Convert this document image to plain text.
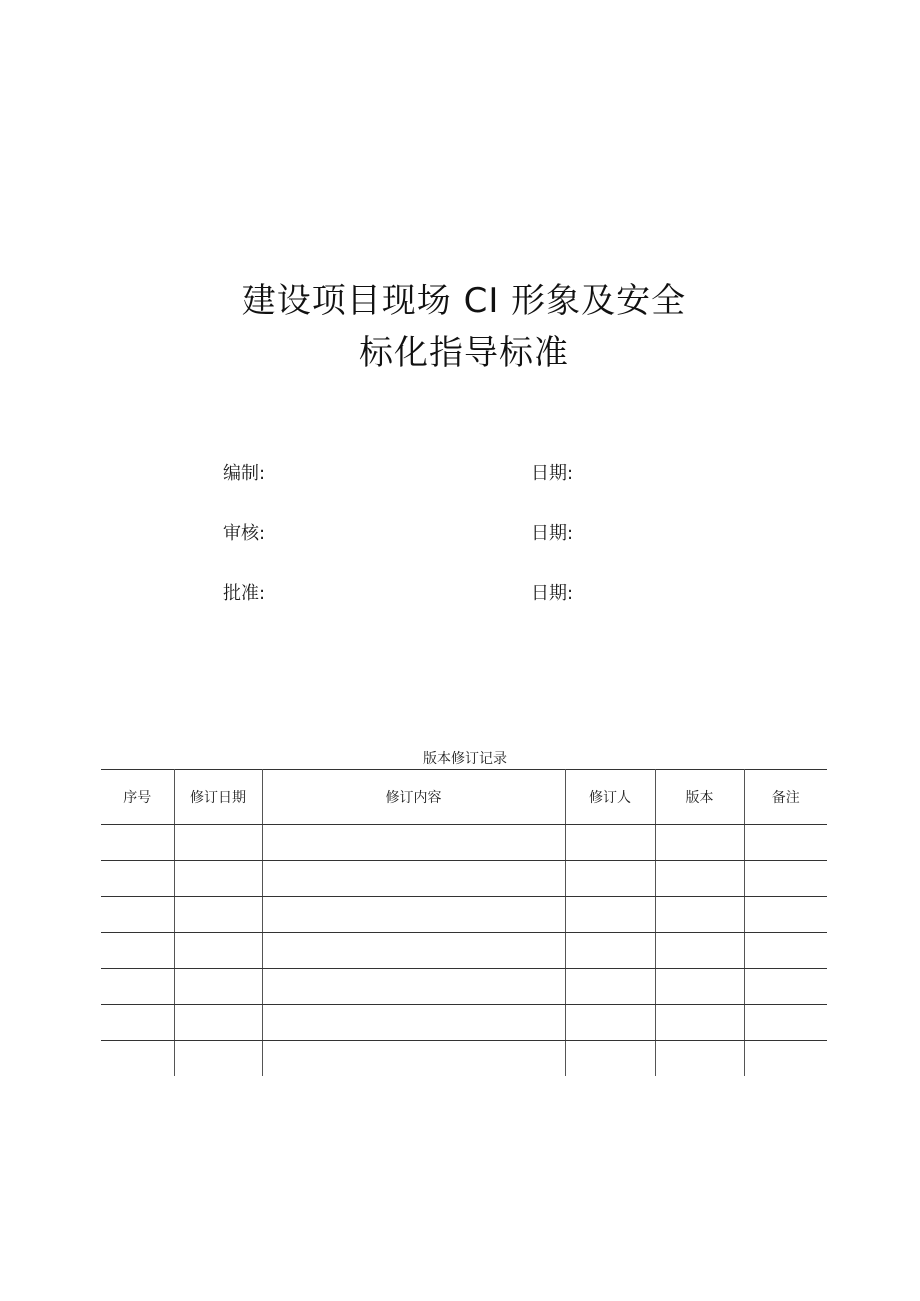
建设项目现场 CI 形象及安全
标化指导标准
编制:	日期:
审核:	日期:
批准:	日期:
版本修订记录
序号	修订日期	修订内容	修订人	版本	备注
